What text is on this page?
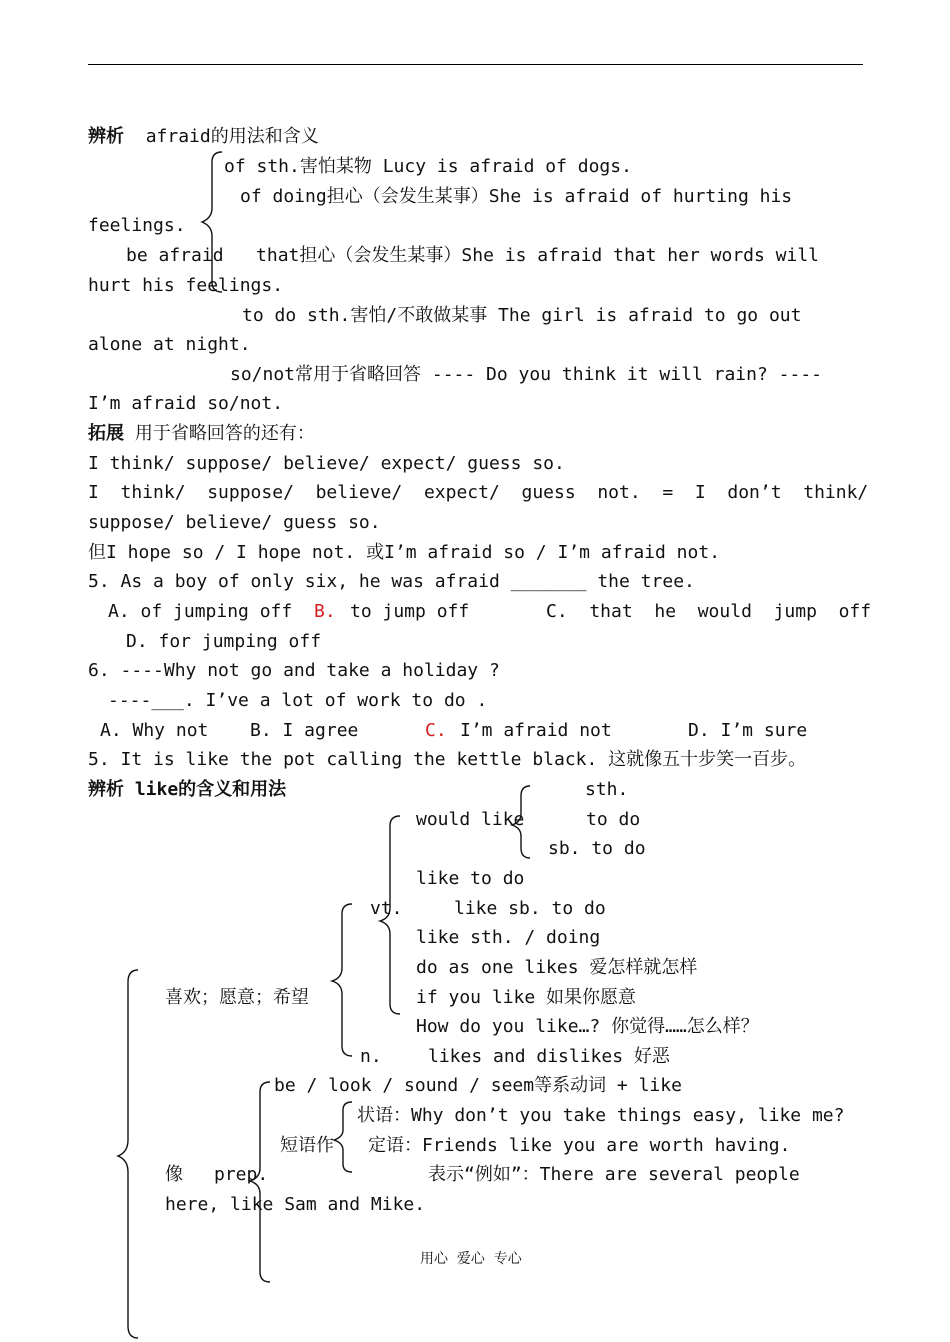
辨析 afraid的用法和含义
of sth.害怕某物 Lucy is afraid of dogs.
of doing担心（会发生某事）She is afraid of hurting his
feelings.
be afraid   that担心（会发生某事）She is afraid that her words will
hurt his feelings.
to do sth.害怕/不敢做某事 The girl is afraid to go out
alone at night.
so/not常用于省略回答 ---- Do you think it will rain? ----
I’m afraid so/not.
拓展 用于省略回答的还有：
I think/ suppose/ believe/ expect/ guess so.
I  think/  suppose/  believe/  expect/  guess  not.  =  I  don’t  think/
suppose/ believe/ guess so.
但I hope so / I hope not. 或I’m afraid so / I’m afraid not.
5. As a boy of only six, he was afraid _______ the tree.
A. of jumping off B. to jump off	C.  that  he  would  jump  off
D. for jumping off
6. ----Why not go and take a holiday ?
----___. I’ve a lot of work to do .
A. Why not B. I agree	C. I’m afraid not	D. I’m sure
5. It is like the pot calling the kettle black. 这就像五十步笑一百步。
辨析 like的含义和用法	sth.
would like	to do
sb. to do
like to do
vt.	like sb. to do
like sth. / doing
do as one likes 爱怎样就怎样
喜欢；愿意；希望	if you like 如果你愿意
How do you like…? 你觉得……怎么样？
n.	likes and dislikes 好恶
be / look / sound / seem等系动词 + like
状语：Why don’t you take things easy, like me?
短语作 定语：Friends like you are worth having.
像 prep.	表示“例如”：There are several people
here, like Sam and Mike.
用心  爱心  专心
